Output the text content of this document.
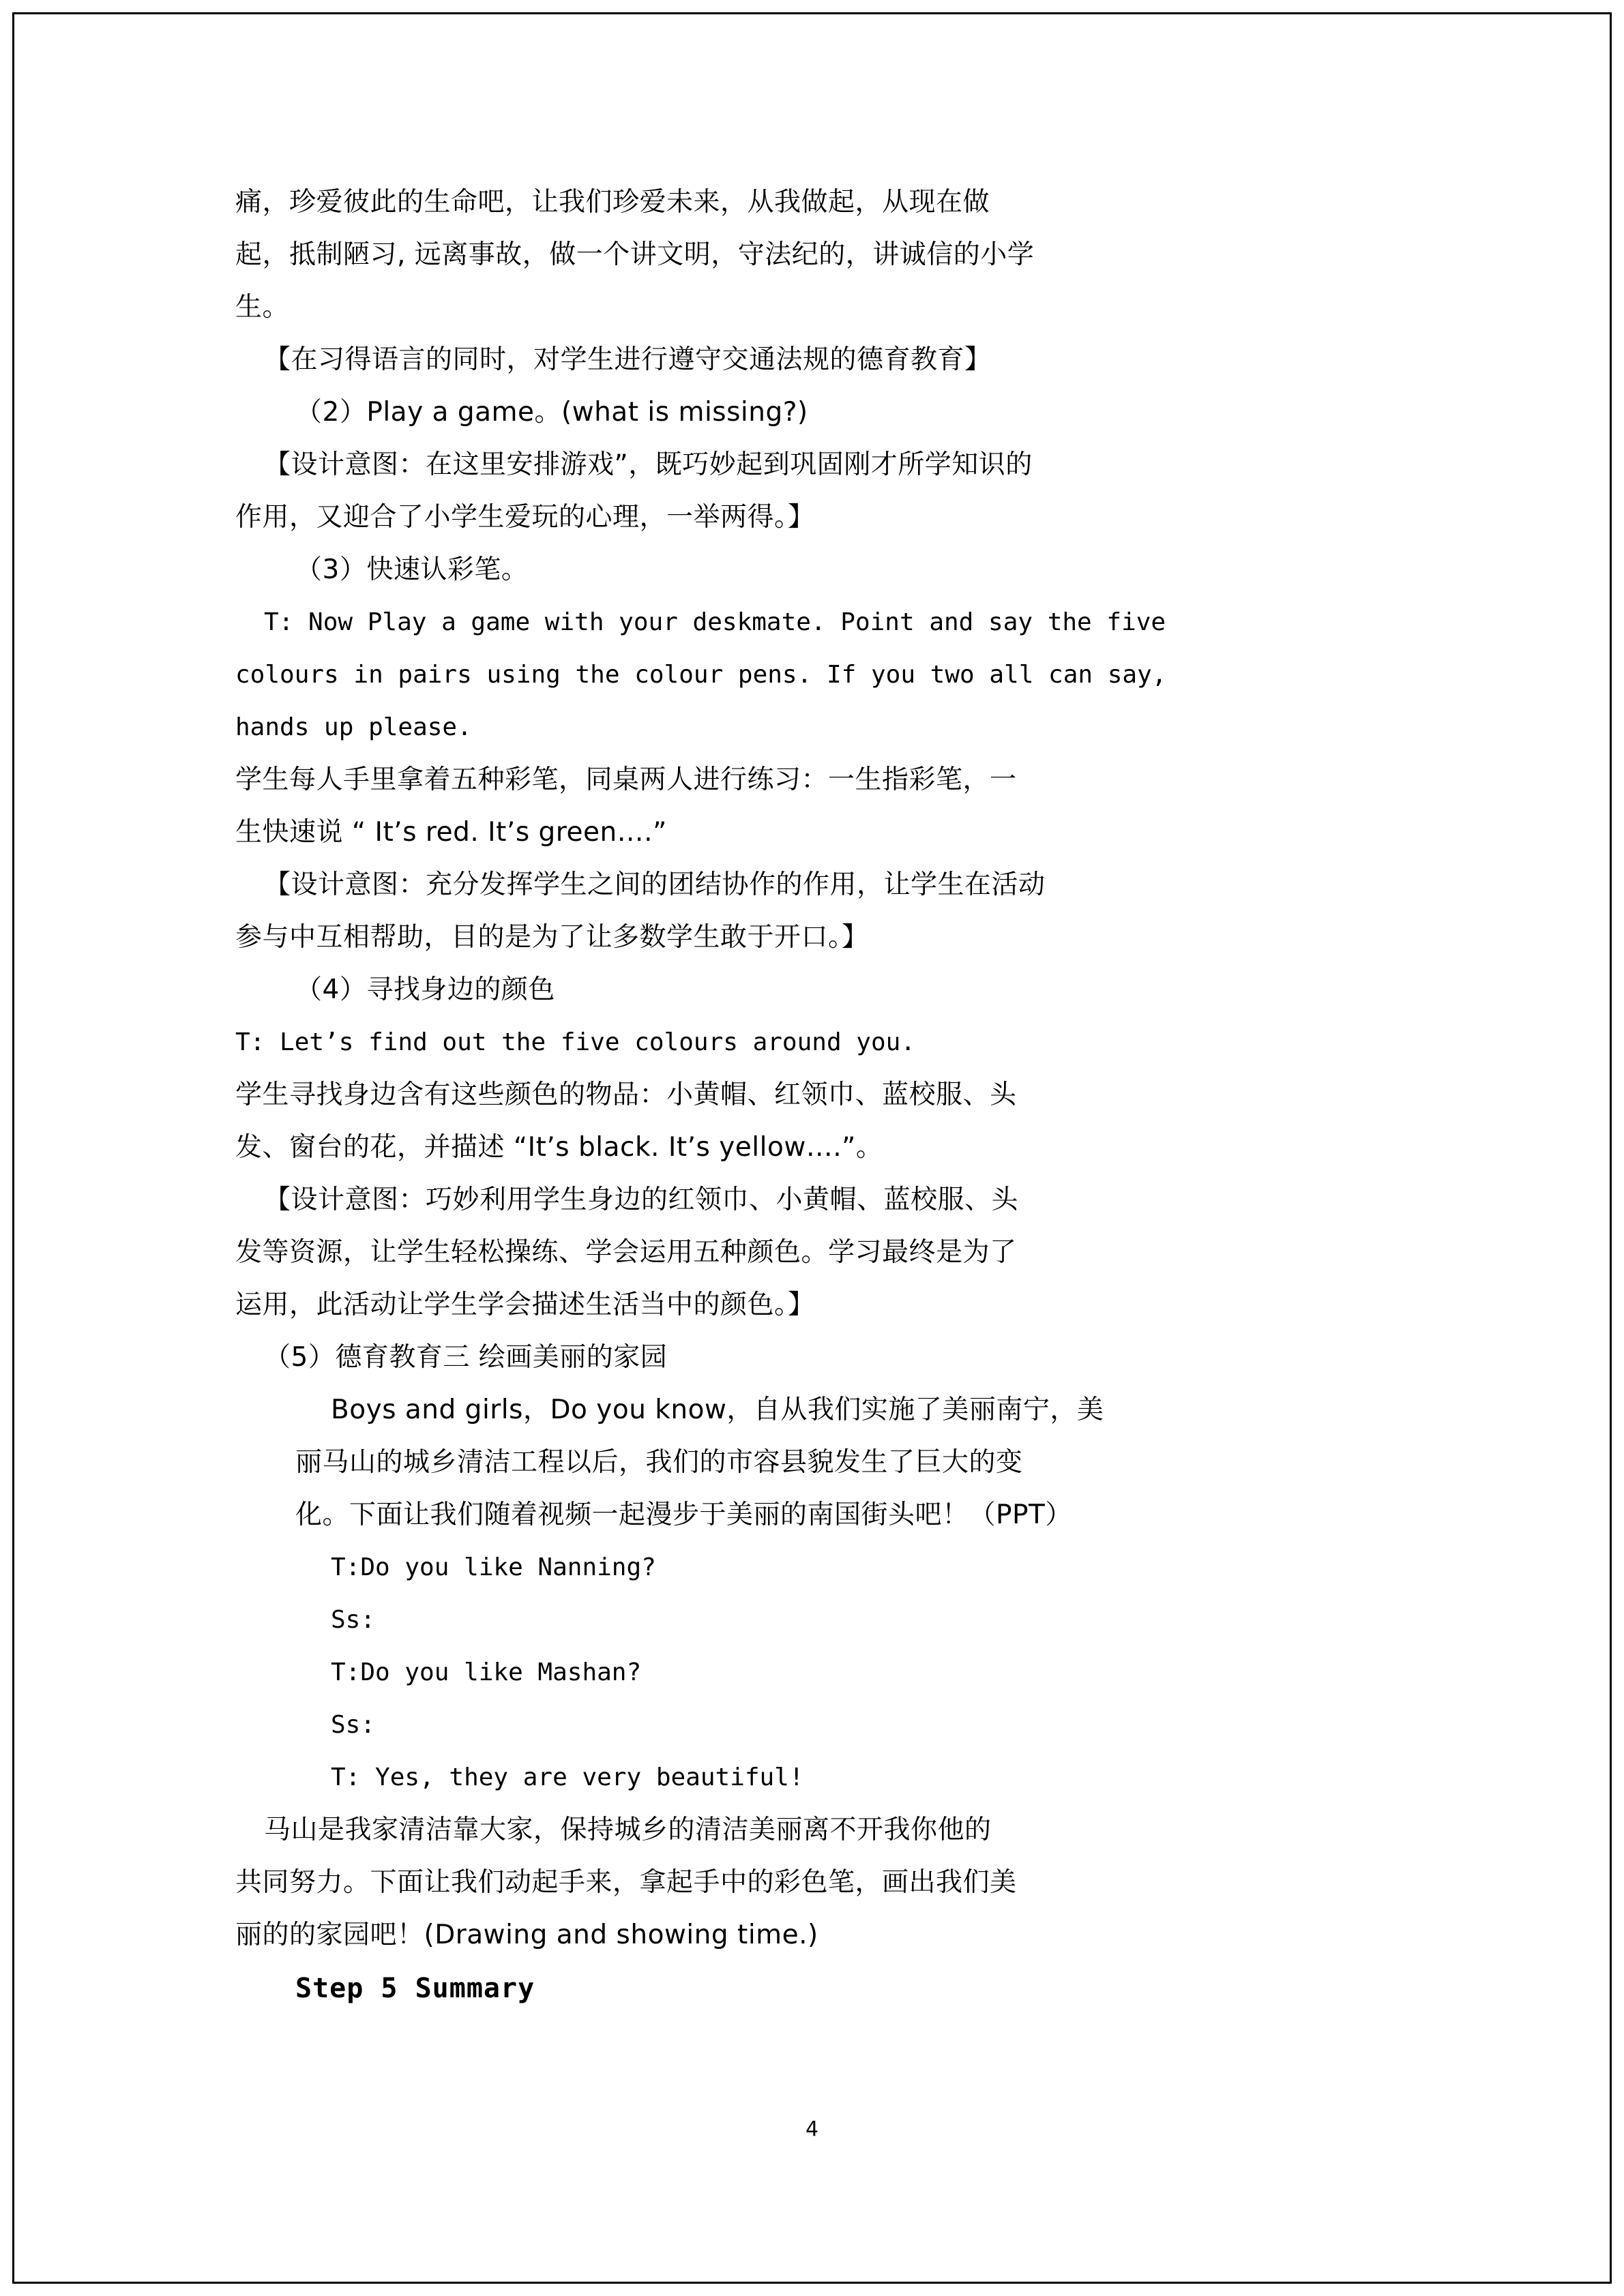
痛，珍爱彼此的生命吧，让我们珍爱未来，从我做起，从现在做
起，抵制陋习, 远离事故，做一个讲文明，守法纪的，讲诚信的小学
生。
【在习得语言的同时，对学生进行遵守交通法规的德育教育】
（2）Play a game。(what is missing?)
【设计意图：在这里安排游戏”，既巧妙起到巩固刚才所学知识的
作用，又迎合了小学生爱玩的心理，一举两得。】
（3）快速认彩笔。
T: Now Play a game with your deskmate. Point and say the five
colours in pairs using the colour pens. If you two all can say,
hands up please.
学生每人手里拿着五种彩笔，同桌两人进行练习：一生指彩笔，一
生快速说 “ It’s red. It’s green….”
【设计意图：充分发挥学生之间的团结协作的作用，让学生在活动
参与中互相帮助，目的是为了让多数学生敢于开口。】
（4）寻找身边的颜色
T: Let’s find out the five colours around you.
学生寻找身边含有这些颜色的物品：小黄帽、红领巾、蓝校服、头
发、窗台的花，并描述 “It’s black. It’s yellow….”。
【设计意图：巧妙利用学生身边的红领巾、小黄帽、蓝校服、头
发等资源，让学生轻松操练、学会运用五种颜色。学习最终是为了
运用，此活动让学生学会描述生活当中的颜色。】
（5）德育教育三 绘画美丽的家园
Boys and girls，Do you know，自从我们实施了美丽南宁，美
丽马山的城乡清洁工程以后，我们的市容县貌发生了巨大的变
化。下面让我们随着视频一起漫步于美丽的南国街头吧！（PPT）
T:Do you like Nanning?
Ss:
T:Do you like Mashan?
Ss:
T: Yes, they are very beautiful!
马山是我家清洁靠大家，保持城乡的清洁美丽离不开我你他的
共同努力。下面让我们动起手来，拿起手中的彩色笔，画出我们美
丽的的家园吧！(Drawing and showing time.)
Step 5 Summary
4
